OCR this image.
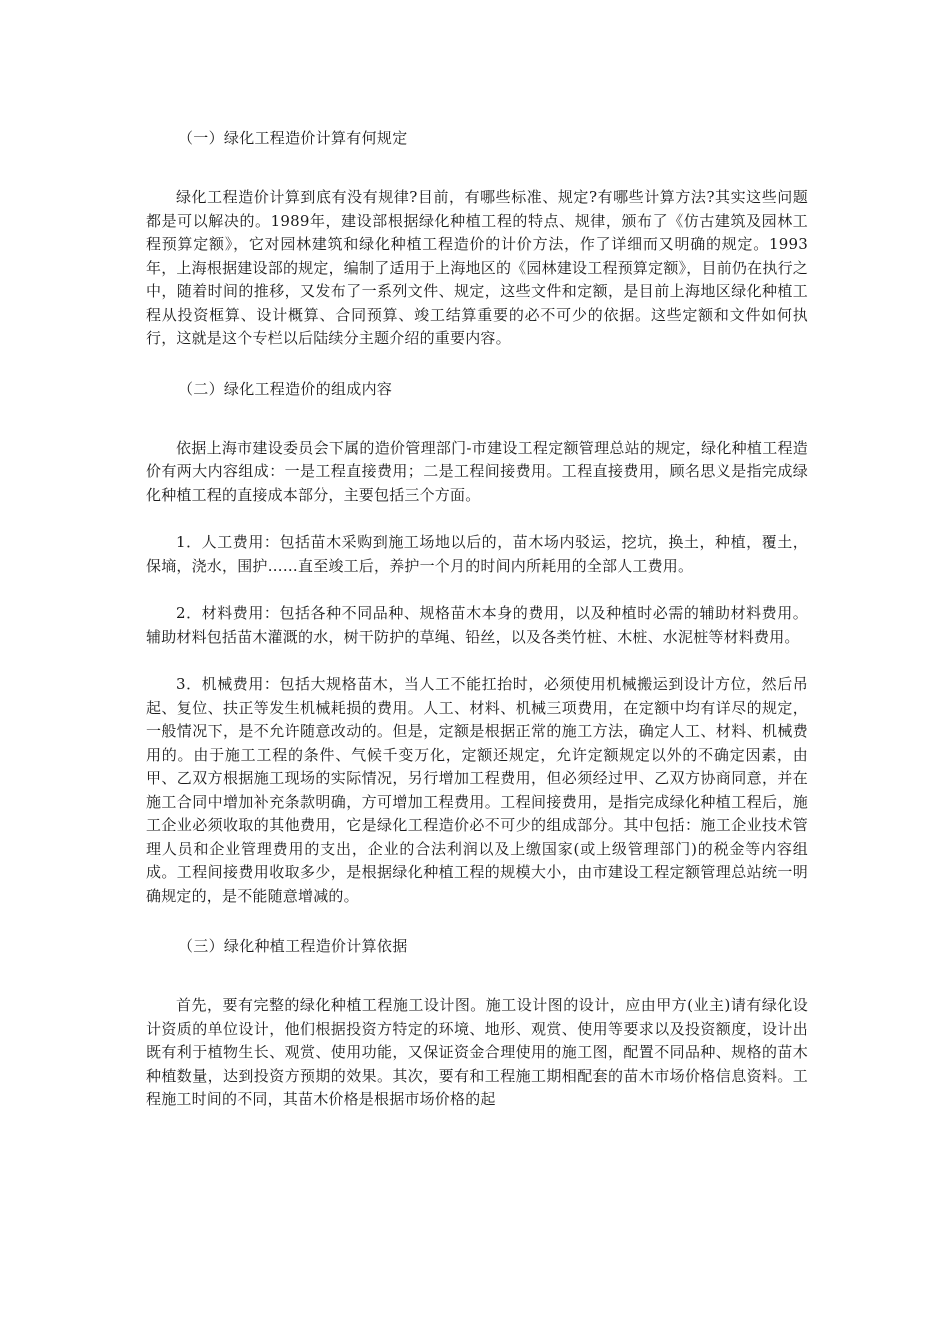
（一）绿化工程造价计算有何规定

绿化工程造价计算到底有没有规律?目前，有哪些标准、规定?有哪些计算方法?其实这些问题都是可以解决的。1989年，建设部根据绿化种植工程的特点、规律，颁布了《仿古建筑及园林工程预算定额》，它对园林建筑和绿化种植工程造价的计价方法，作了详细而又明确的规定。1993年，上海根据建设部的规定，编制了适用于上海地区的《园林建设工程预算定额》，目前仍在执行之中，随着时间的推移，又发布了一系列文件、规定，这些文件和定额，是目前上海地区绿化种植工程从投资框算、设计概算、合同预算、竣工结算重要的必不可少的依据。这些定额和文件如何执行，这就是这个专栏以后陆续分主题介绍的重要内容。

（二）绿化工程造价的组成内容

依据上海市建设委员会下属的造价管理部门-市建设工程定额管理总站的规定，绿化种植工程造价有两大内容组成：一是工程直接费用；二是工程间接费用。工程直接费用，顾名思义是指完成绿化种植工程的直接成本部分，主要包括三个方面。

1．人工费用：包括苗木采购到施工场地以后的，苗木场内驳运，挖坑，换土，种植，覆土，保墒，浇水，围护……直至竣工后，养护一个月的时间内所耗用的全部人工费用。

2．材料费用：包括各种不同品种、规格苗木本身的费用，以及种植时必需的辅助材料费用。辅助材料包括苗木灌溉的水，树干防护的草绳、铅丝，以及各类竹桩、木桩、水泥桩等材料费用。

3．机械费用：包括大规格苗木，当人工不能扛抬时，必须使用机械搬运到设计方位，然后吊起、复位、扶正等发生机械耗损的费用。人工、材料、机械三项费用，在定额中均有详尽的规定，一般情况下，是不允许随意改动的。但是，定额是根据正常的施工方法，确定人工、材料、机械费用的。由于施工工程的条件、气候千变万化，定额还规定，允许定额规定以外的不确定因素，由甲、乙双方根据施工现场的实际情况，另行增加工程费用，但必须经过甲、乙双方协商同意，并在施工合同中增加补充条款明确，方可增加工程费用。工程间接费用，是指完成绿化种植工程后，施工企业必须收取的其他费用，它是绿化工程造价必不可少的组成部分。其中包括：施工企业技术管理人员和企业管理费用的支出，企业的合法利润以及上缴国家(或上级管理部门)的税金等内容组成。工程间接费用收取多少，是根据绿化种植工程的规模大小，由市建设工程定额管理总站统一明确规定的，是不能随意增减的。

（三）绿化种植工程造价计算依据

首先，要有完整的绿化种植工程施工设计图。施工设计图的设计，应由甲方(业主)请有绿化设计资质的单位设计，他们根据投资方特定的环境、地形、观赏、使用等要求以及投资额度，设计出既有利于植物生长、观赏、使用功能，又保证资金合理使用的施工图，配置不同品种、规格的苗木种植数量，达到投资方预期的效果。其次，要有和工程施工期相配套的苗木市场价格信息资料。工程施工时间的不同，其苗木价格是根据市场价格的起
